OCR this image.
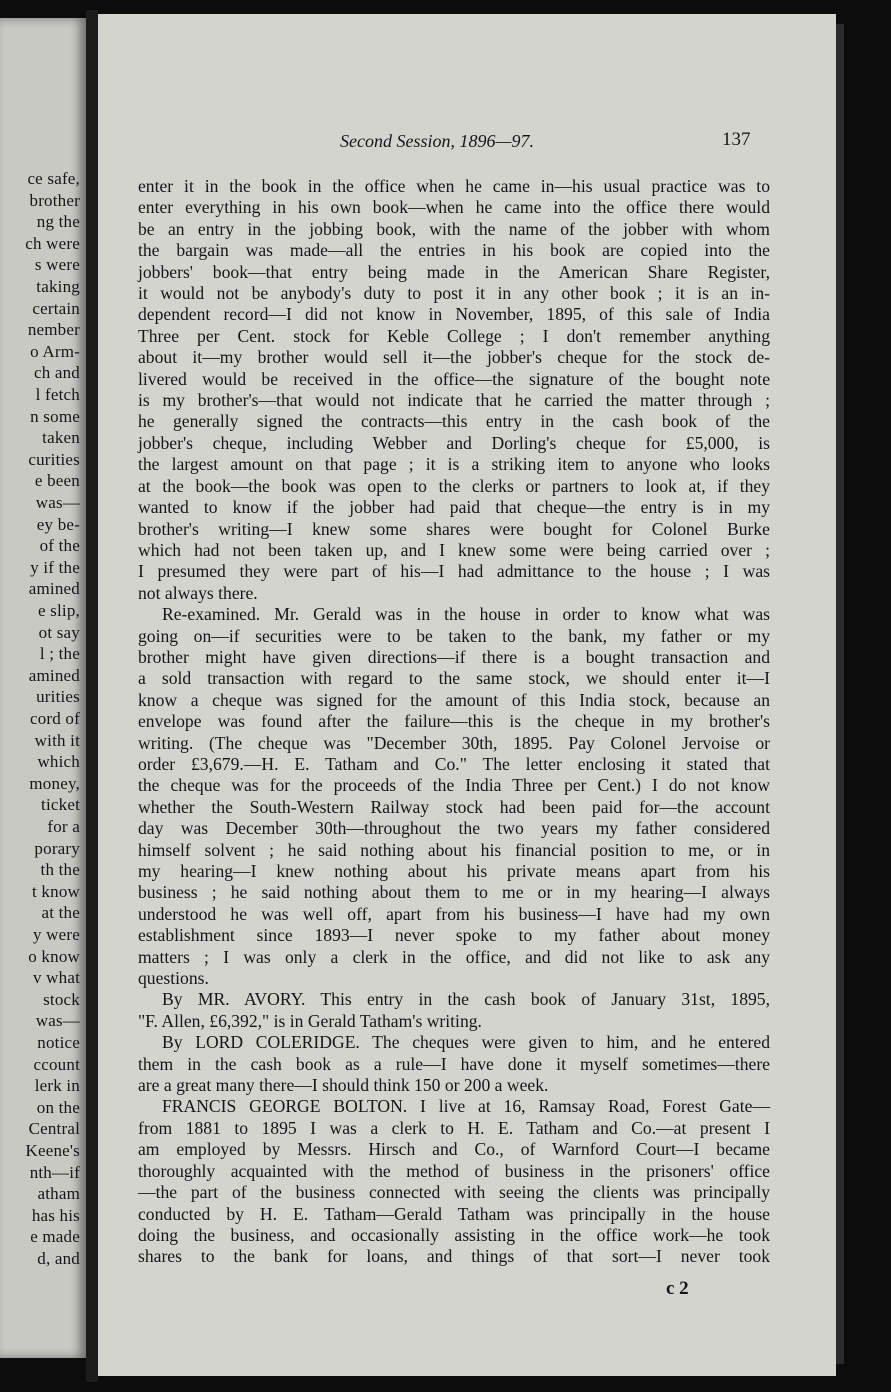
ce safe,
brother
ng the
ch were
s were
taking
certain
nember
o Arm-
ch and
l fetch
n some
taken
curities
e been
was—
ey be-
of the
y if the
amined
e slip,
ot say
l ; the
amined
urities
cord of
with it
which
money,
ticket
for a
porary
th the
t know
at the
y were
o know
v what
stock
was—
notice
ccount
lerk in
on the
Central
Keene's
nth—if
atham
has his
e made
d, and
Second Session, 1896—97.	137
enter it in the book in the office when he came in—his usual practice was to
enter everything in his own book—when he came into the office there would
be an entry in the jobbing book, with the name of the jobber with whom
the bargain was made—all the entries in his book are copied into the
jobbers' book—that entry being made in the American Share Register,
it would not be anybody's duty to post it in any other book ; it is an in-
dependent record—I did not know in November, 1895, of this sale of India
Three per Cent. stock for Keble College ; I don't remember anything
about it—my brother would sell it—the jobber's cheque for the stock de-
livered would be received in the office—the signature of the bought note
is my brother's—that would not indicate that he carried the matter through ;
he generally signed the contracts—this entry in the cash book of the
jobber's cheque, including Webber and Dorling's cheque for £5,000, is
the largest amount on that page ; it is a striking item to anyone who looks
at the book—the book was open to the clerks or partners to look at, if they
wanted to know if the jobber had paid that cheque—the entry is in my
brother's writing—I knew some shares were bought for Colonel Burke
which had not been taken up, and I knew some were being carried over ;
I presumed they were part of his—I had admittance to the house ; I was
not always there.
Re-examined. Mr. Gerald was in the house in order to know what was
going on—if securities were to be taken to the bank, my father or my
brother might have given directions—if there is a bought transaction and
a sold transaction with regard to the same stock, we should enter it—I
know a cheque was signed for the amount of this India stock, because an
envelope was found after the failure—this is the cheque in my brother's
writing. (The cheque was "December 30th, 1895. Pay Colonel Jervoise or
order £3,679.—H. E. Tatham and Co." The letter enclosing it stated that
the cheque was for the proceeds of the India Three per Cent.) I do not know
whether the South-Western Railway stock had been paid for—the account
day was December 30th—throughout the two years my father considered
himself solvent ; he said nothing about his financial position to me, or in
my hearing—I knew nothing about his private means apart from his
business ; he said nothing about them to me or in my hearing—I always
understood he was well off, apart from his business—I have had my own
establishment since 1893—I never spoke to my father about money
matters ; I was only a clerk in the office, and did not like to ask any
questions.
By MR. AVORY. This entry in the cash book of January 31st, 1895,
"F. Allen, £6,392," is in Gerald Tatham's writing.
By LORD COLERIDGE. The cheques were given to him, and he entered
them in the cash book as a rule—I have done it myself sometimes—there
are a great many there—I should think 150 or 200 a week.
FRANCIS GEORGE BOLTON. I live at 16, Ramsay Road, Forest Gate—
from 1881 to 1895 I was a clerk to H. E. Tatham and Co.—at present I
am employed by Messrs. Hirsch and Co., of Warnford Court—I became
thoroughly acquainted with the method of business in the prisoners' office
—the part of the business connected with seeing the clients was principally
conducted by H. E. Tatham—Gerald Tatham was principally in the house
doing the business, and occasionally assisting in the office work—he took
shares to the bank for loans, and things of that sort—I never took
c 2
